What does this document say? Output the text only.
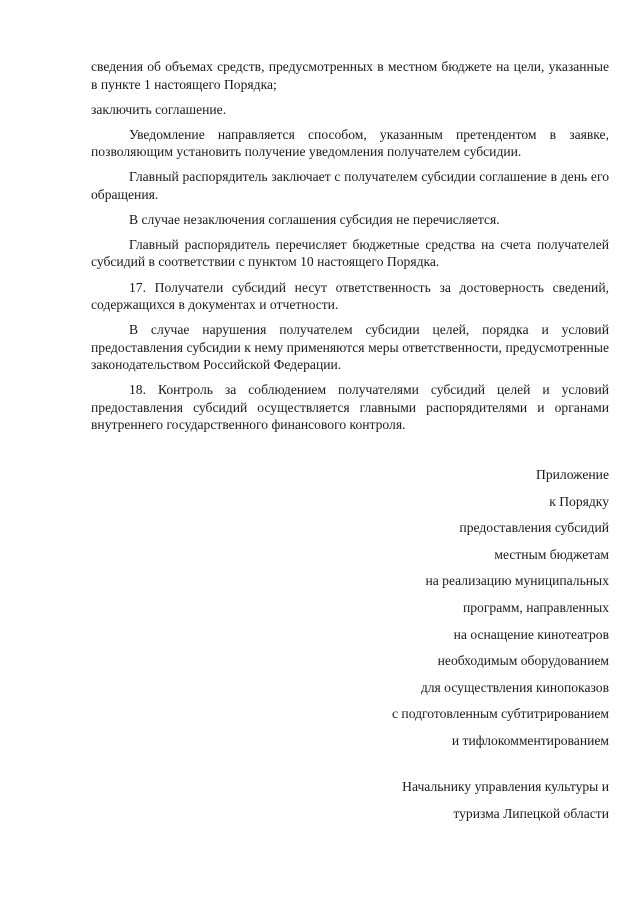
сведения об объемах средств, предусмотренных в местном бюджете на цели, указанные в пункте 1 настоящего Порядка;

заключить соглашение.

Уведомление направляется способом, указанным претендентом в заявке, позволяющим установить получение уведомления получателем субсидии.

Главный распорядитель заключает с получателем субсидии соглашение в день его обращения.

В случае незаключения соглашения субсидия не перечисляется.

Главный распорядитель перечисляет бюджетные средства на счета получателей субсидий в соответствии с пунктом 10 настоящего Порядка.

17. Получатели субсидий несут ответственность за достоверность сведений, содержащихся в документах и отчетности.

В случае нарушения получателем субсидии целей, порядка и условий предоставления субсидии к нему применяются меры ответственности, предусмотренные законодательством Российской Федерации.

18. Контроль за соблюдением получателями субсидий целей и условий предоставления субсидий осуществляется главными распорядителями и органами внутреннего государственного финансового контроля.

Приложение
к Порядку
предоставления субсидий
местным бюджетам
на реализацию муниципальных
программ, направленных
на оснащение кинотеатров
необходимым оборудованием
для осуществления кинопоказов
с подготовленным субтитрированием
и тифлокомментированием
Начальнику управления культуры и
туризма Липецкой области
